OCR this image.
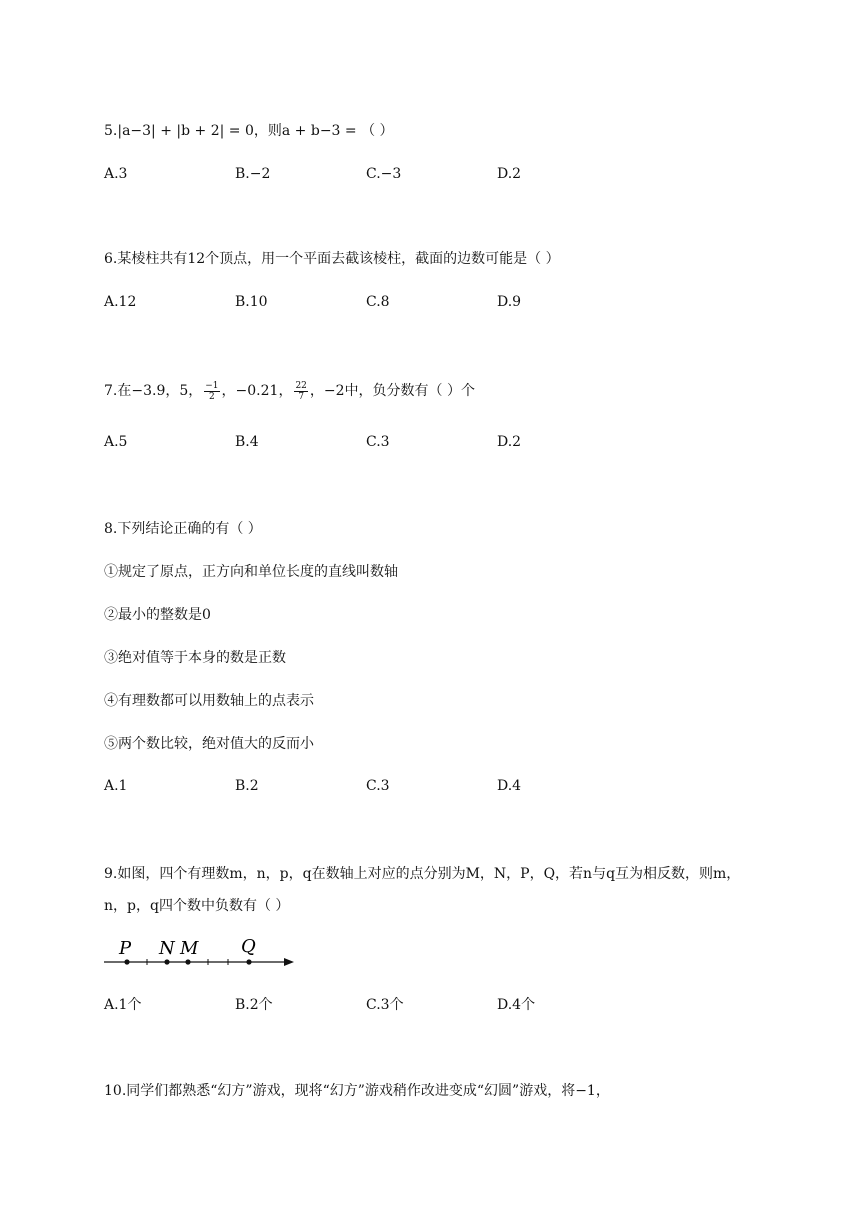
5.|a−3| + |b + 2| = 0，则a + b−3 = （ ）
A.3	B.−2	C.−3	D.2
6.某棱柱共有12个顶点，用一个平面去截该棱柱，截面的边数可能是（ ）
A.12	B.10	C.8	D.9
7.在−3.9，5， $\frac{-1}{2}$ ，−0.21， $\frac{22}{7}$ ，−2中，负分数有（ ）个
A.5	B.4	C.3	D.2
8.下列结论正确的有（ ）
①规定了原点，正方向和单位长度的直线叫数轴
②最小的整数是0
③绝对值等于本身的数是正数
④有理数都可以用数轴上的点表示
⑤两个数比较，绝对值大的反而小
A.1	B.2	C.3	D.4
9.如图，四个有理数m，n，p，q在数轴上对应的点分别为M，N，P，Q，若n与q互为相反数，则m，
n，p，q四个数中负数有（ ）
P N M Q
A.1个	B.2个	C.3个	D.4个
10.同学们都熟悉“幻方”游戏，现将“幻方”游戏稍作改进变成“幻圆”游戏，将−1，
